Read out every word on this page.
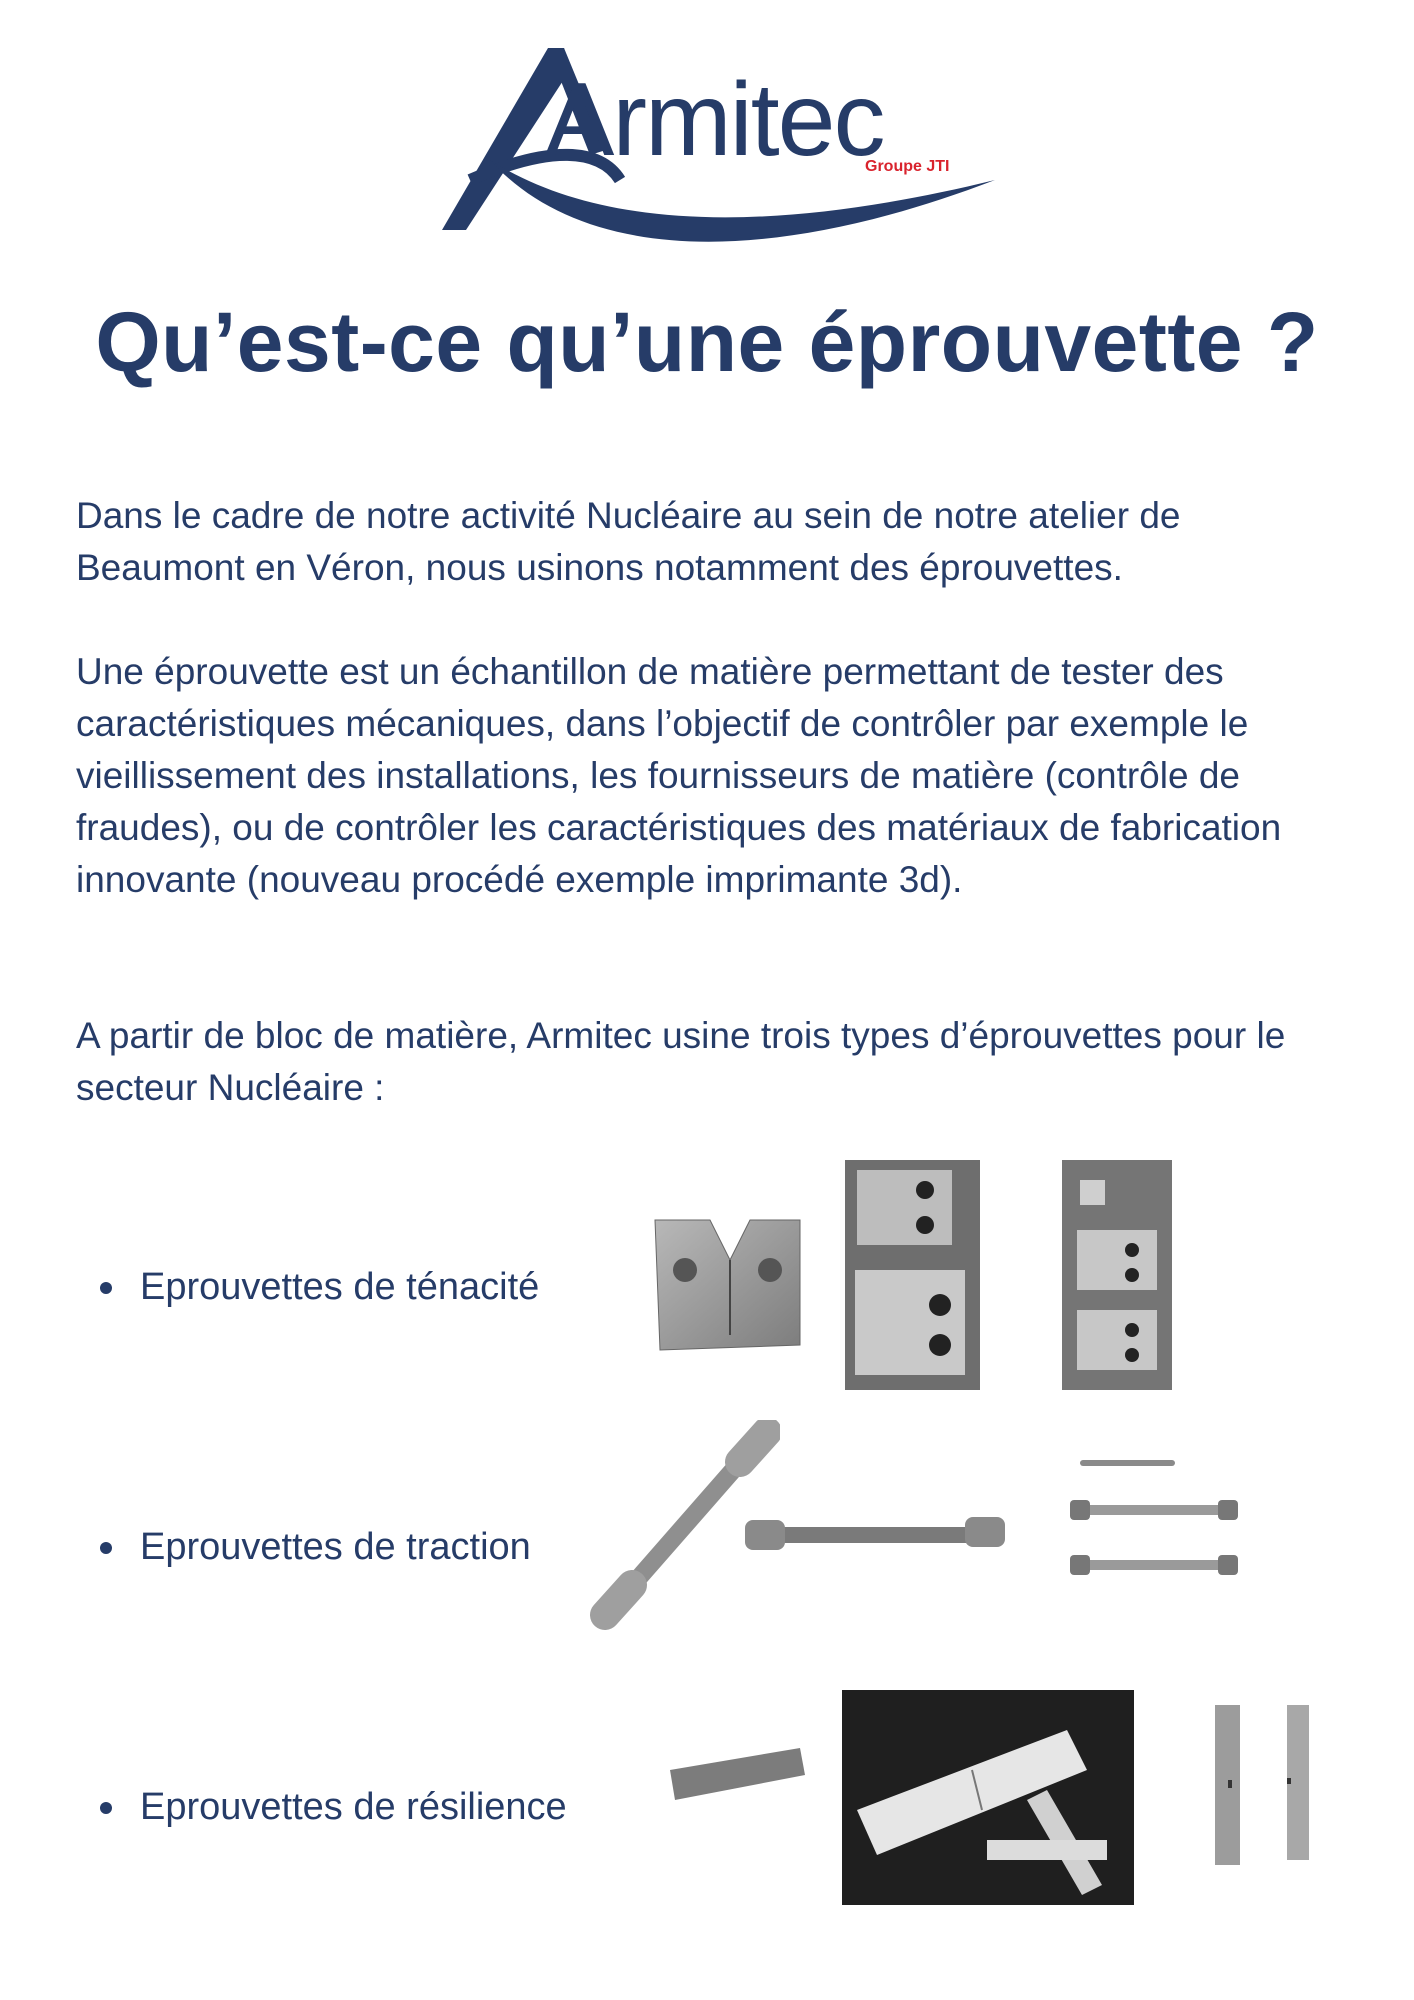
Armitec
Groupe JTI
Qu’est-ce qu’une éprouvette ?

Dans le cadre de notre activité Nucléaire au sein de notre atelier de Beaumont en Véron, nous usinons notamment des éprouvettes.

Une éprouvette est un échantillon de matière permettant de tester des caractéristiques mécaniques, dans l’objectif de contrôler par exemple le vieillissement des installations, les fournisseurs de matière (contrôle de fraudes), ou de contrôler les caractéristiques des matériaux de fabrication innovante (nouveau procédé exemple imprimante 3d).

A partir de bloc de matière, Armitec usine trois types d’éprouvettes pour le secteur Nucléaire :

Eprouvettes de ténacité
Eprouvettes de traction
Eprouvettes de résilience
